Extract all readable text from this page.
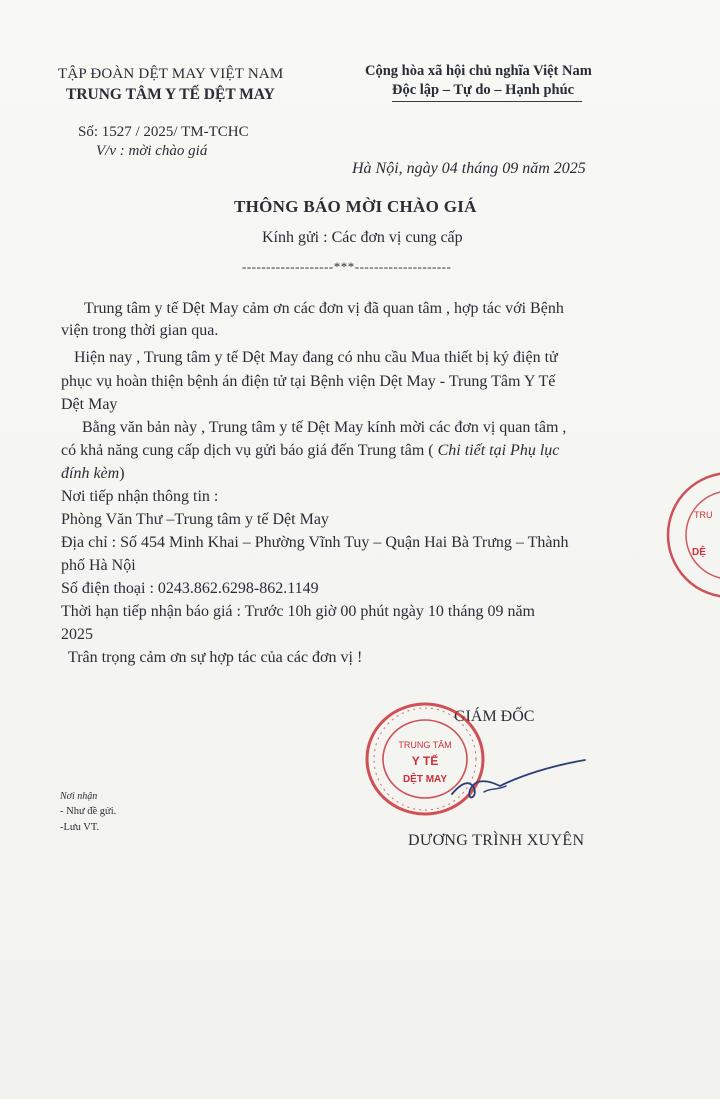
TẬP ĐOÀN DỆT MAY VIỆT NAM
TRUNG TÂM Y TẾ DỆT MAY
Cộng hòa xã hội chủ nghĩa Việt Nam
Độc lập – Tự do – Hạnh phúc
Số: 1527 / 2025/ TM-TCHC
V/v : mời chào giá
Hà Nội, ngày 04 tháng 09 năm 2025
THÔNG BÁO MỜI CHÀO GIÁ
Kính gửi : Các đơn vị cung cấp
-------------------***--------------------
Trung tâm y tế Dệt May cảm ơn các đơn vị đã quan tâm , hợp tác với Bệnh
viện trong thời gian qua.
Hiện nay , Trung tâm y tế Dệt May đang có nhu cầu Mua thiết bị ký điện tử
phục vụ hoàn thiện bệnh án điện tử tại Bệnh viện Dệt May - Trung Tâm Y Tế
Dệt May
Bằng văn bản này , Trung tâm y tế Dệt May kính mời các đơn vị quan tâm ,
có khả năng cung cấp dịch vụ gửi báo giá đến Trung tâm ( Chi tiết tại Phụ lục
đính kèm)
Nơi tiếp nhận thông tin :
Phòng Văn Thư –Trung tâm y tế Dệt May
Địa chỉ : Số 454 Minh Khai – Phường Vĩnh Tuy – Quận Hai Bà Trưng – Thành
phố Hà Nội
Số điện thoại : 0243.862.6298-862.1149
Thời hạn tiếp nhận báo giá : Trước 10h giờ 00 phút ngày 10 tháng 09 năm
2025
Trân trọng cảm ơn sự hợp tác của các đơn vị !
TRU
DỆ
GIÁM ĐỐC
TRUNG TÂM
Y TẾ
DỆT MAY
Nơi nhận
- Như đề gửi.
-Lưu VT.
DƯƠNG TRÌNH XUYÊN
